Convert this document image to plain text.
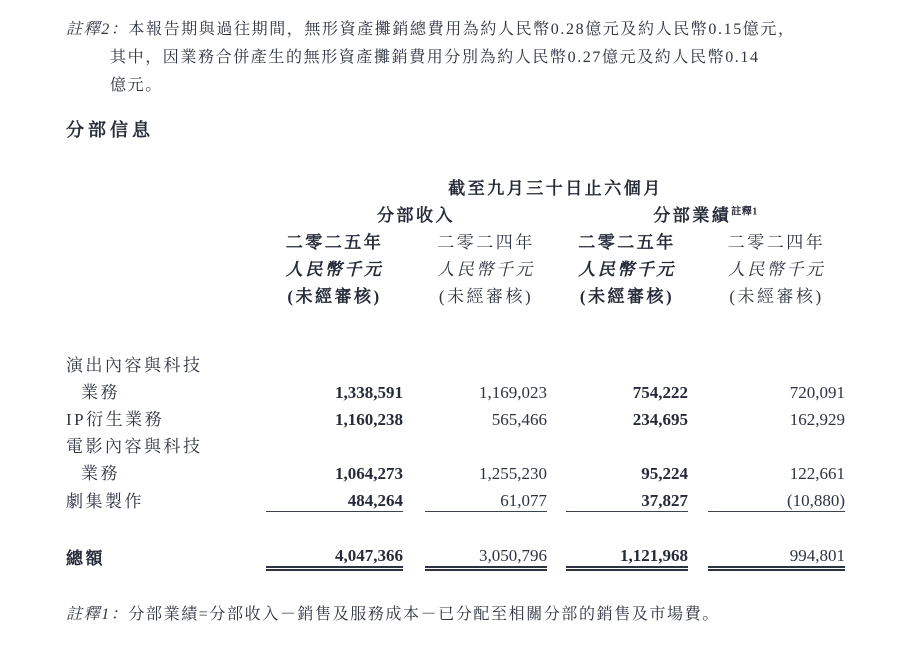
註釋2：本報告期與過往期間，無形資產攤銷總費用為約人民幣0.28億元及約人民幣0.15億元，
其中，因業務合併產生的無形資產攤銷費用分別為約人民幣0.27億元及約人民幣0.14
億元。
分部信息
	截至九月三十日止六個月						
	分部收入				分部業績$^{註釋1}$
	二零二五年		二零二四年		二零二五年		二零二四年
	人民幣千元		人民幣千元		人民幣千元		人民幣千元
	(未經審核)		(未經審核)		(未經審核)		(未經審核)

演出內容與科技							
業務	1,338,591		1,169,023		754,222		720,091
IP衍生業務	1,160,238		565,466		234,695		162,929
電影內容與科技							
業務	1,064,273		1,255,230		95,224		122,661
劇集製作	484,264		61,077		37,827		(10,880)

總額	4,047,366		3,050,796		1,121,968		994,801
註釋1：分部業績=分部收入－銷售及服務成本－已分配至相關分部的銷售及市場費。
